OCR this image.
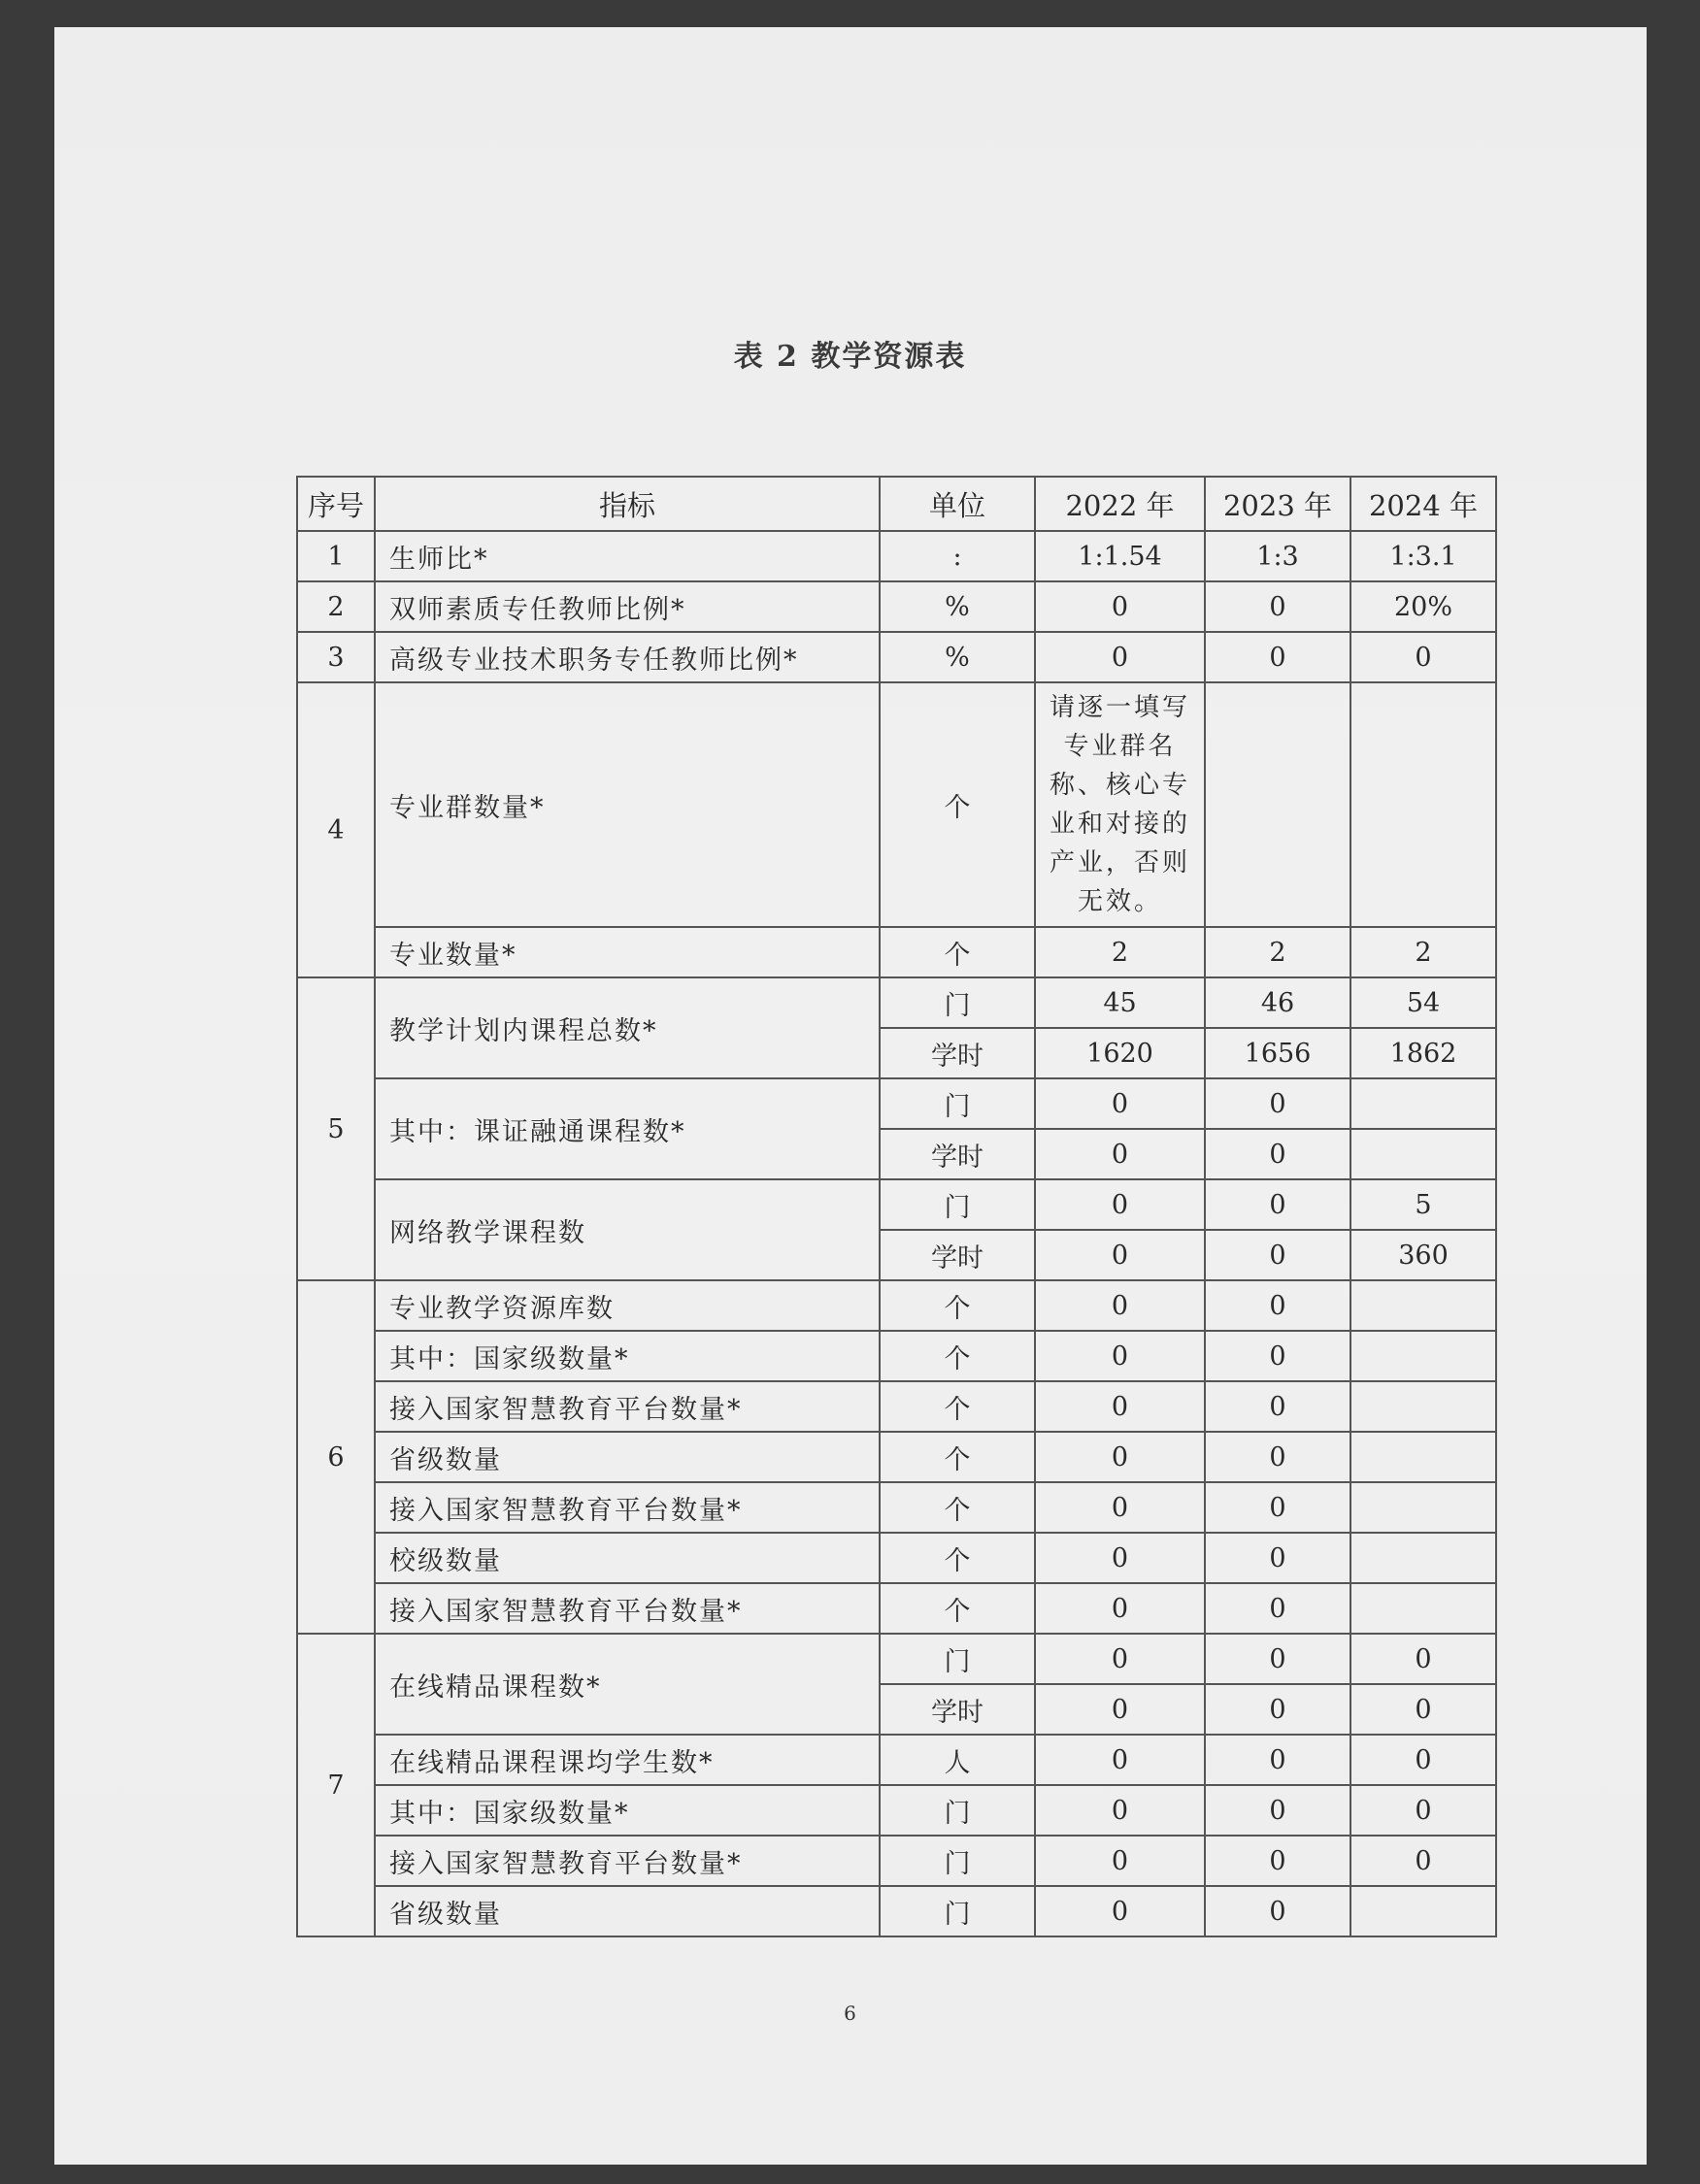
表 2 教学资源表
序号	指标	单位	2022 年	2023 年	2024 年
1	生师比*	:	1:1.54	1:3	1:3.1
2	双师素质专任教师比例*	%	0	0	20%
3	高级专业技术职务专任教师比例*	%	0	0	0
4	专业群数量*	个	请逐一填写专业群名称、核心专业和对接的产业，否则无效。		
	专业数量*	个	2	2	2
5	教学计划内课程总数*	门	45	46	54
		学时	1620	1656	1862
	其中：课证融通课程数*	门	0	0	
		学时	0	0	
	网络教学课程数	门	0	0	5
		学时	0	0	360
6	专业教学资源库数	个	0	0	
	其中：国家级数量*	个	0	0	
	接入国家智慧教育平台数量*	个	0	0	
	省级数量	个	0	0	
	接入国家智慧教育平台数量*	个	0	0	
	校级数量	个	0	0	
	接入国家智慧教育平台数量*	个	0	0	
7	在线精品课程数*	门	0	0	0
		学时	0	0	0
	在线精品课程课均学生数*	人	0	0	0
	其中：国家级数量*	门	0	0	0
	接入国家智慧教育平台数量*	门	0	0	0
	省级数量	门	0	0	
6
